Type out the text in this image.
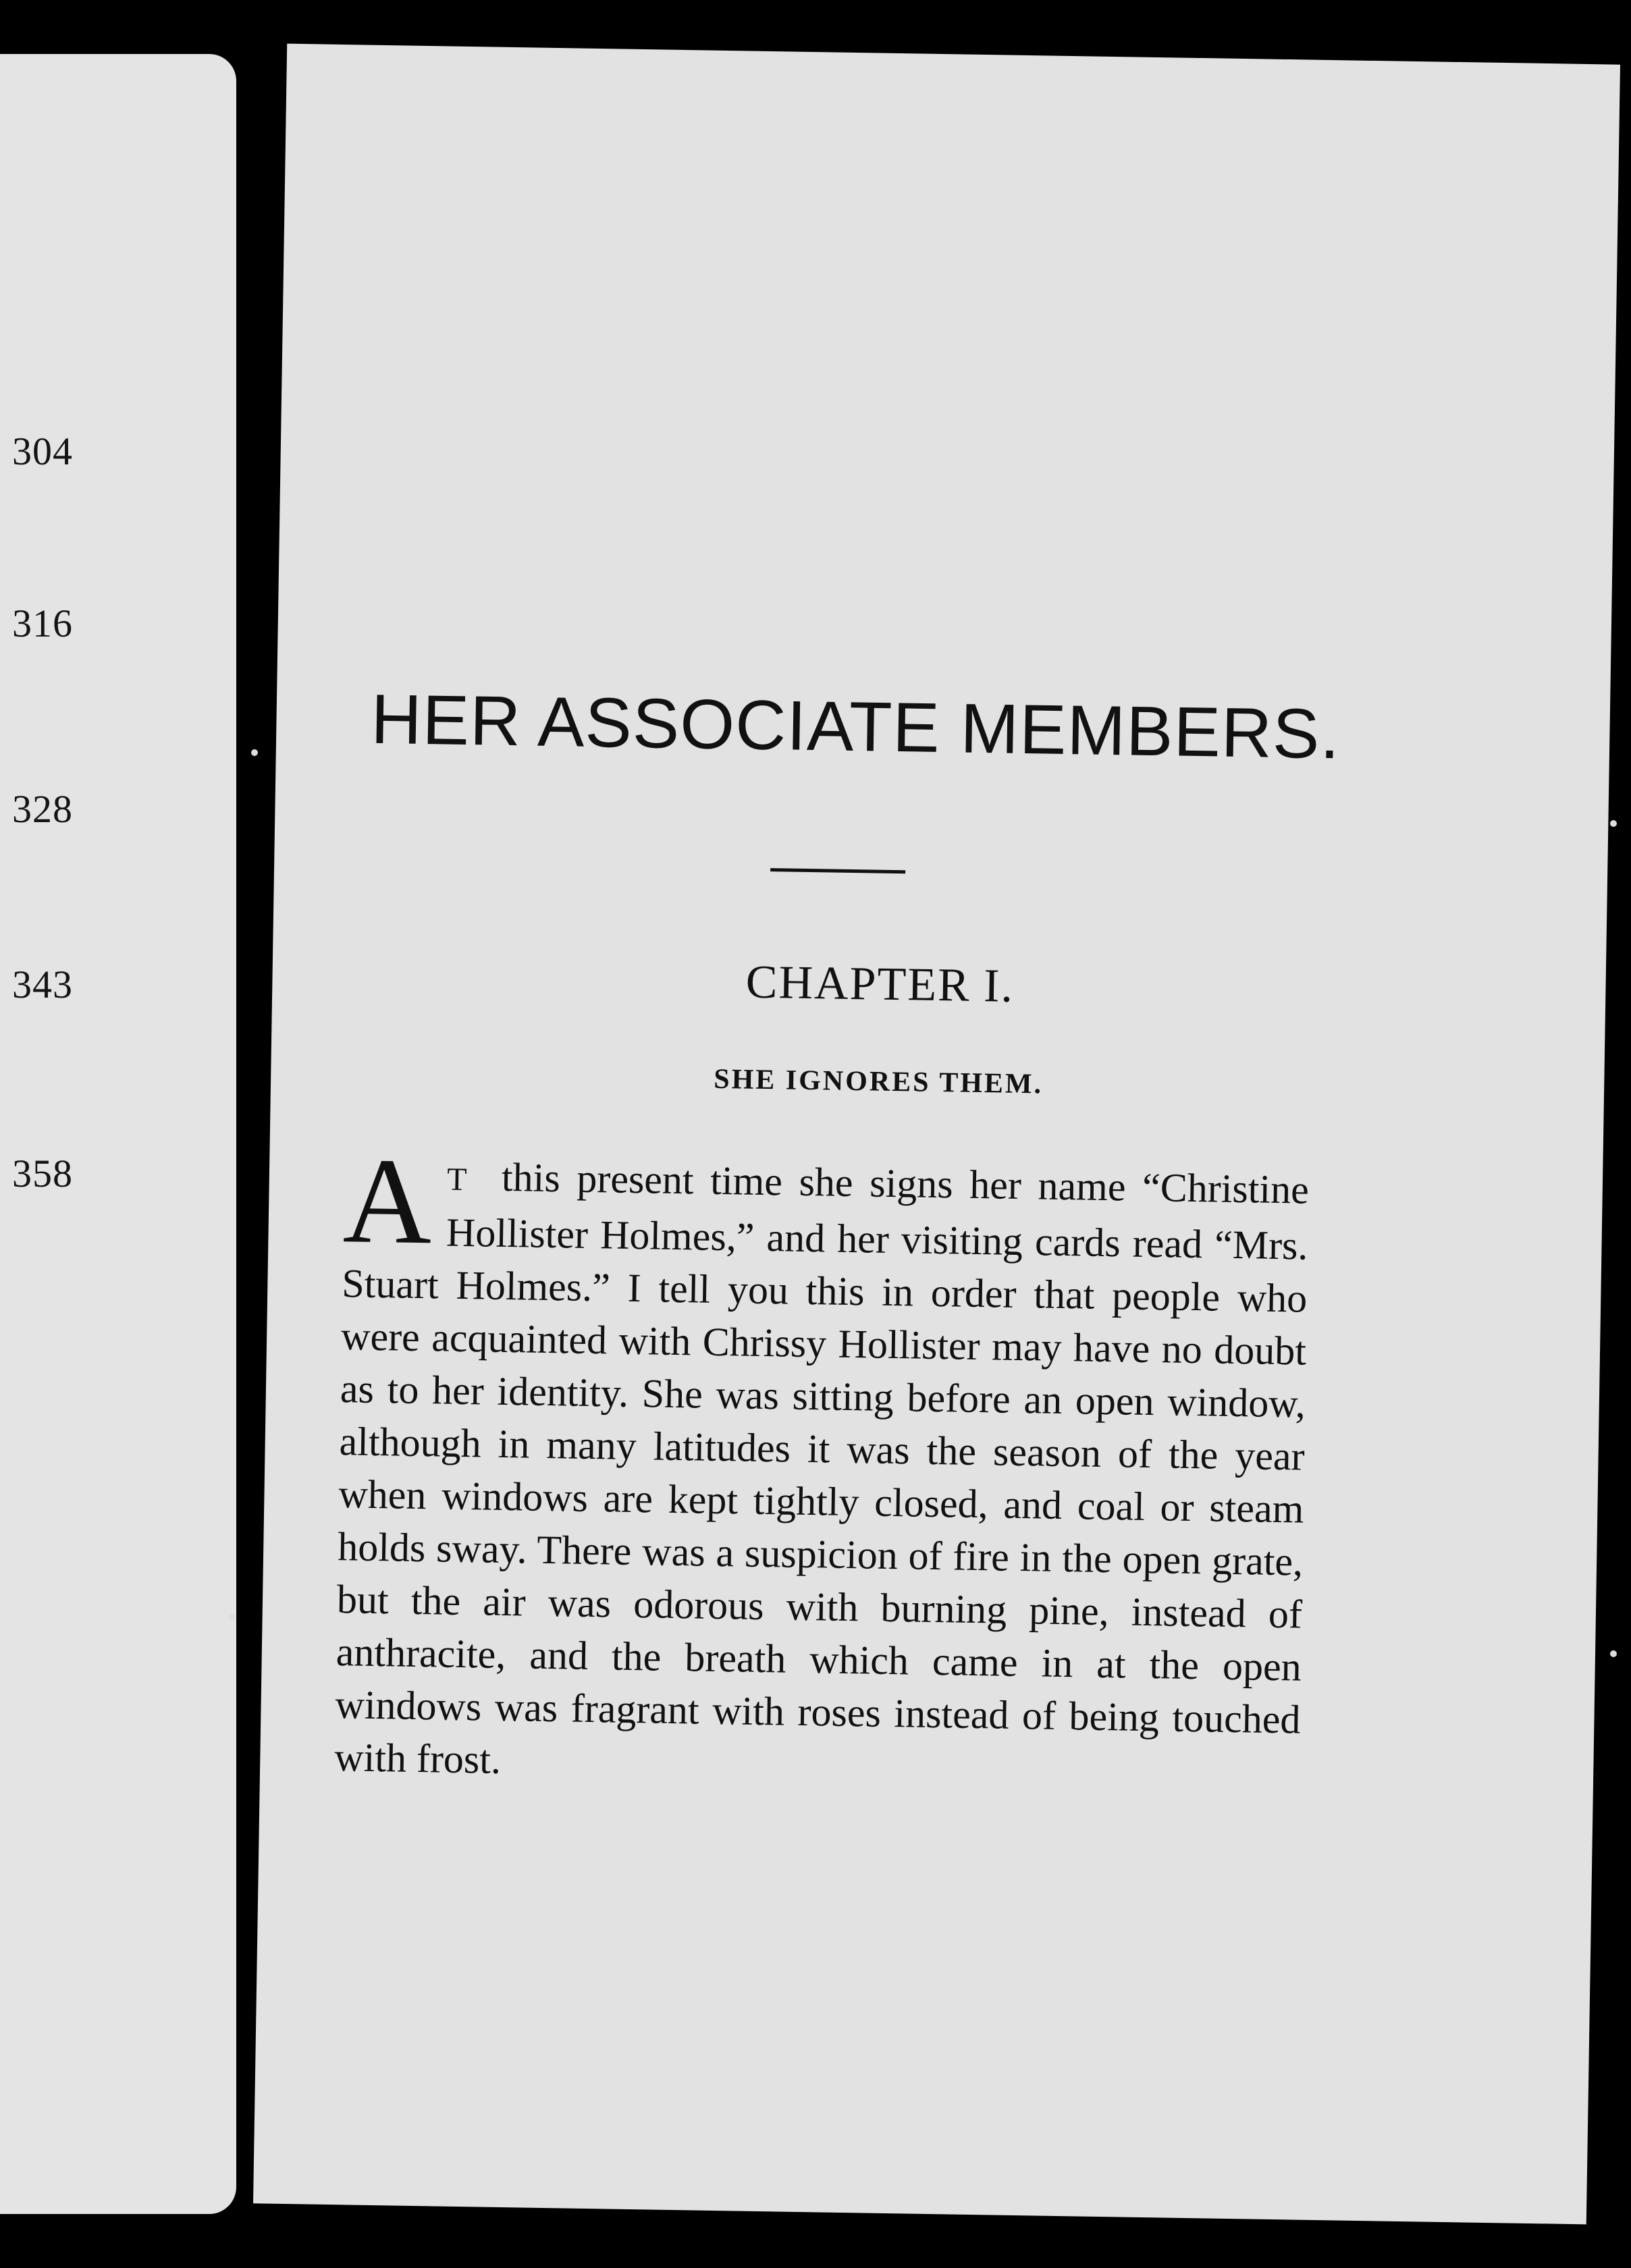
304
316
328
343
358
HER ASSOCIATE MEMBERS.
CHAPTER I.
SHE IGNORES THEM.

A T this present time she signs her name “Christine Hollister Holmes,” and her visiting cards read “Mrs. Stuart Holmes.” I tell you this in order that people who were acquainted with Chrissy Hollister may have no doubt as to her identity. She was sitting before an open window, although in many latitudes it was the season of the year when windows are kept tightly closed, and coal or steam holds sway. There was a suspicion of fire in the open grate, but the air was odorous with burning pine, instead of anthracite, and the breath which came in at the open windows was fragrant with roses instead of being touched with frost.
